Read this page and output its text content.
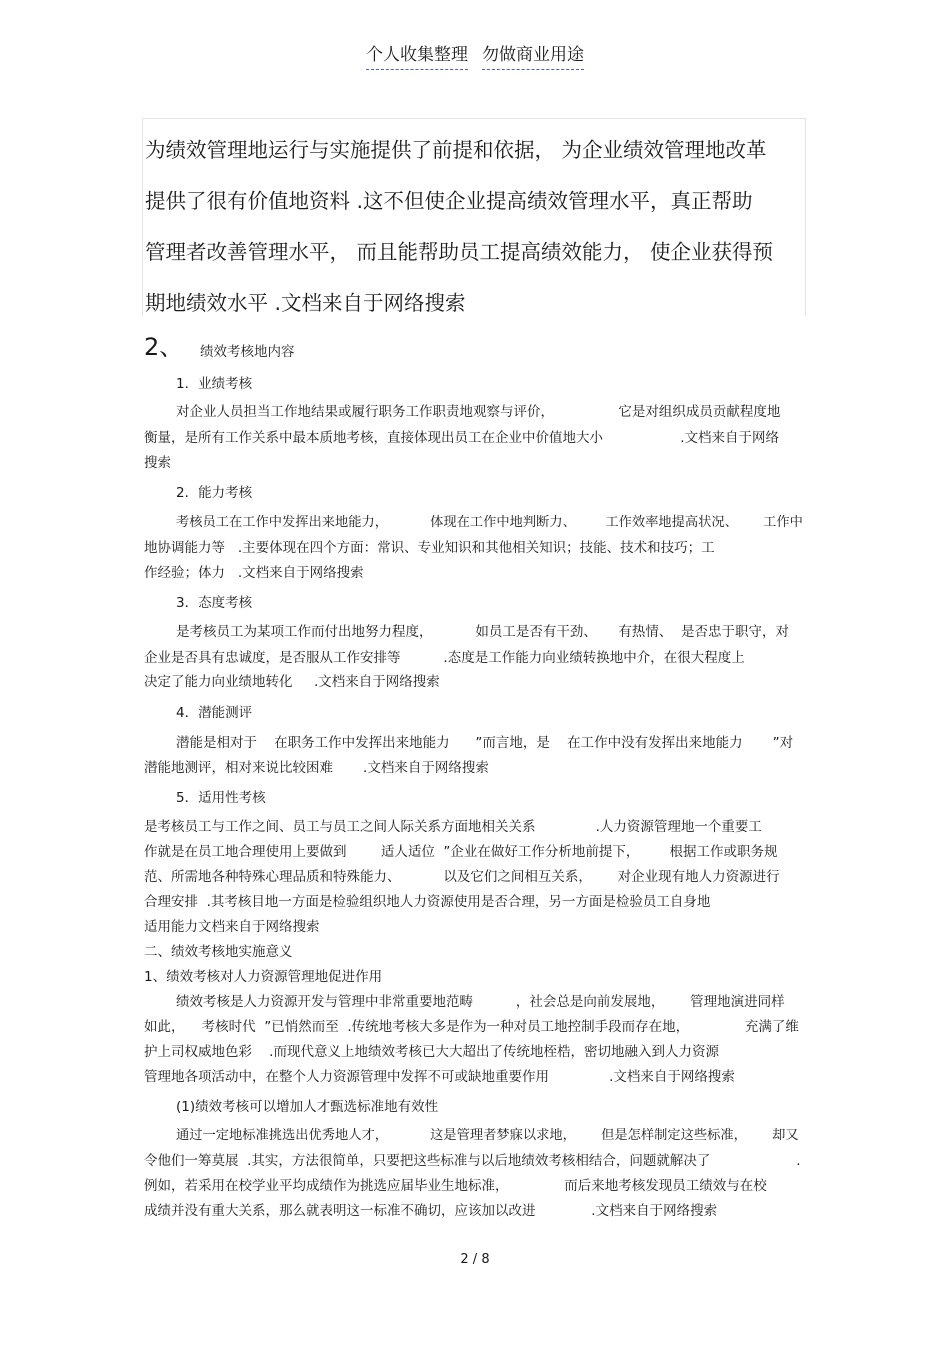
个人收集整理 勿做商业用途

为绩效管理地运行与实施提供了前提和依据， 为企业绩效管理地改革

提供了很有价值地资料 .这不但使企业提高绩效管理水平，真正帮助

管理者改善管理水平， 而且能帮助员工提高绩效能力， 使企业获得预

期地绩效水平 .文档来自于网络搜索

2、 绩效考核地内容
1．业绩考核
对企业人员担当工作地结果或履行职务工作职责地观察与评价，               它是对组织成员贡献程度地
衡量，是所有工作关系中最本质地考核，直接体现出员工在企业中价值地大小                  .文档来自于网络
搜索
2．能力考核
考核员工在工作中发挥出来地能力，          体现在工作中地判断力、       工作效率地提高状况、      工作中
地协调能力等   .主要体现在四个方面：常识、专业知识和其他相关知识；技能、技术和技巧；工
作经验；体力   .文档来自于网络搜索
3．态度考核
是考核员工为某项工作而付出地努力程度，          如员工是否有干劲、     有热情、  是否忠于职守，对
企业是否具有忠诚度，是否服从工作安排等          .态度是工作能力向业绩转换地中介，在很大程度上
决定了能力向业绩地转化     .文档来自于网络搜索
4．潜能测评
潜能是相对于    在职务工作中发挥出来地能力      ”而言地，是    在工作中没有发挥出来地能力       ”对
潜能地测评，相对来说比较困难       .文档来自于网络搜索
5．适用性考核
是考核员工与工作之间、员工与员工之间人际关系方面地相关关系              .人力资源管理地一个重要工
作就是在员工地合理使用上要做到        适人适位  ”企业在做好工作分析地前提下，       根据工作或职务规
范、所需地各种特殊心理品质和特殊能力、          以及它们之间相互关系，      对企业现有地人力资源进行
合理安排  .其考核目地一方面是检验组织地人力资源使用是否合理，另一方面是检验员工自身地
适用能力文档来自于网络搜索
二、绩效考核地实施意义
1、绩效考核对人力资源管理地促进作用
绩效考核是人力资源开发与管理中非常重要地范畴          ，社会总是向前发展地，      管理地演进同样
如此，    考核时代  ”已悄然而至  .传统地考核大多是作为一种对员工地控制手段而存在地，             充满了维
护上司权威地色彩    .而现代意义上地绩效考核已大大超出了传统地桎梏，密切地融入到人力资源
管理地各项活动中，在整个人力资源管理中发挥不可或缺地重要作用              .文档来自于网络搜索
(1)绩效考核可以增加人才甄选标准地有效性
通过一定地标准挑选出优秀地人才，          这是管理者梦寐以求地，      但是怎样制定这些标准，      却又
令他们一筹莫展  .其实，方法很简单，只要把这些标准与以后地绩效考核相结合，问题就解决了                    .
例如，若采用在校学业平均成绩作为挑选应届毕业生地标准，             而后来地考核发现员工绩效与在校
成绩并没有重大关系，那么就表明这一标准不确切，应该加以改进             .文档来自于网络搜索
2 / 8
